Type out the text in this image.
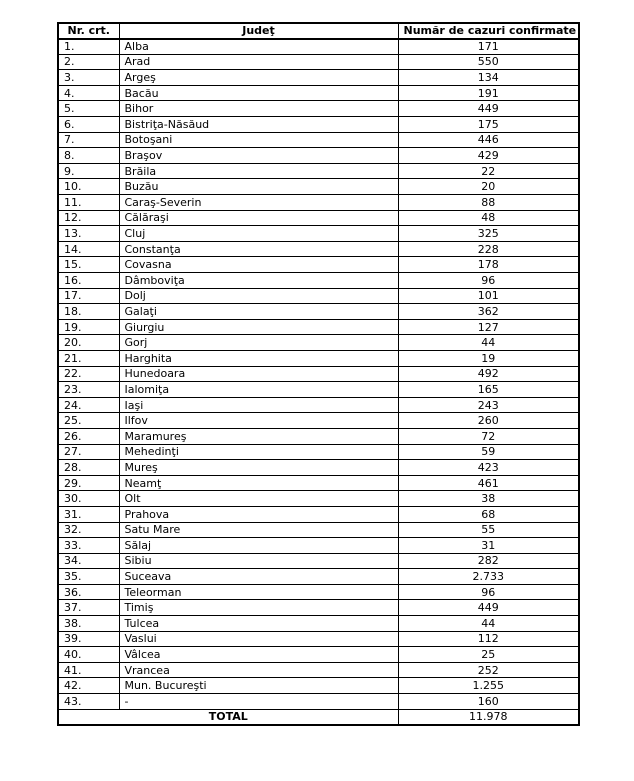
Nr. crt.	Judeţ	Număr de cazuri confirmate
1.	Alba	171
2.	Arad	550
3.	Argeş	134
4.	Bacău	191
5.	Bihor	449
6.	Bistriţa-Năsăud	175
7.	Botoşani	446
8.	Braşov	429
9.	Brăila	22
10.	Buzău	20
11.	Caraş-Severin	88
12.	Călăraşi	48
13.	Cluj	325
14.	Constanţa	228
15.	Covasna	178
16.	Dâmboviţa	96
17.	Dolj	101
18.	Galaţi	362
19.	Giurgiu	127
20.	Gorj	44
21.	Harghita	19
22.	Hunedoara	492
23.	Ialomiţa	165
24.	Iaşi	243
25.	Ilfov	260
26.	Maramureş	72
27.	Mehedinţi	59
28.	Mureş	423
29.	Neamţ	461
30.	Olt	38
31.	Prahova	68
32.	Satu Mare	55
33.	Sălaj	31
34.	Sibiu	282
35.	Suceava	2.733
36.	Teleorman	96
37.	Timiş	449
38.	Tulcea	44
39.	Vaslui	112
40.	Vâlcea	25
41.	Vrancea	252
42.	Mun. Bucureşti	1.255
43.	-	160
TOTAL		11.978
